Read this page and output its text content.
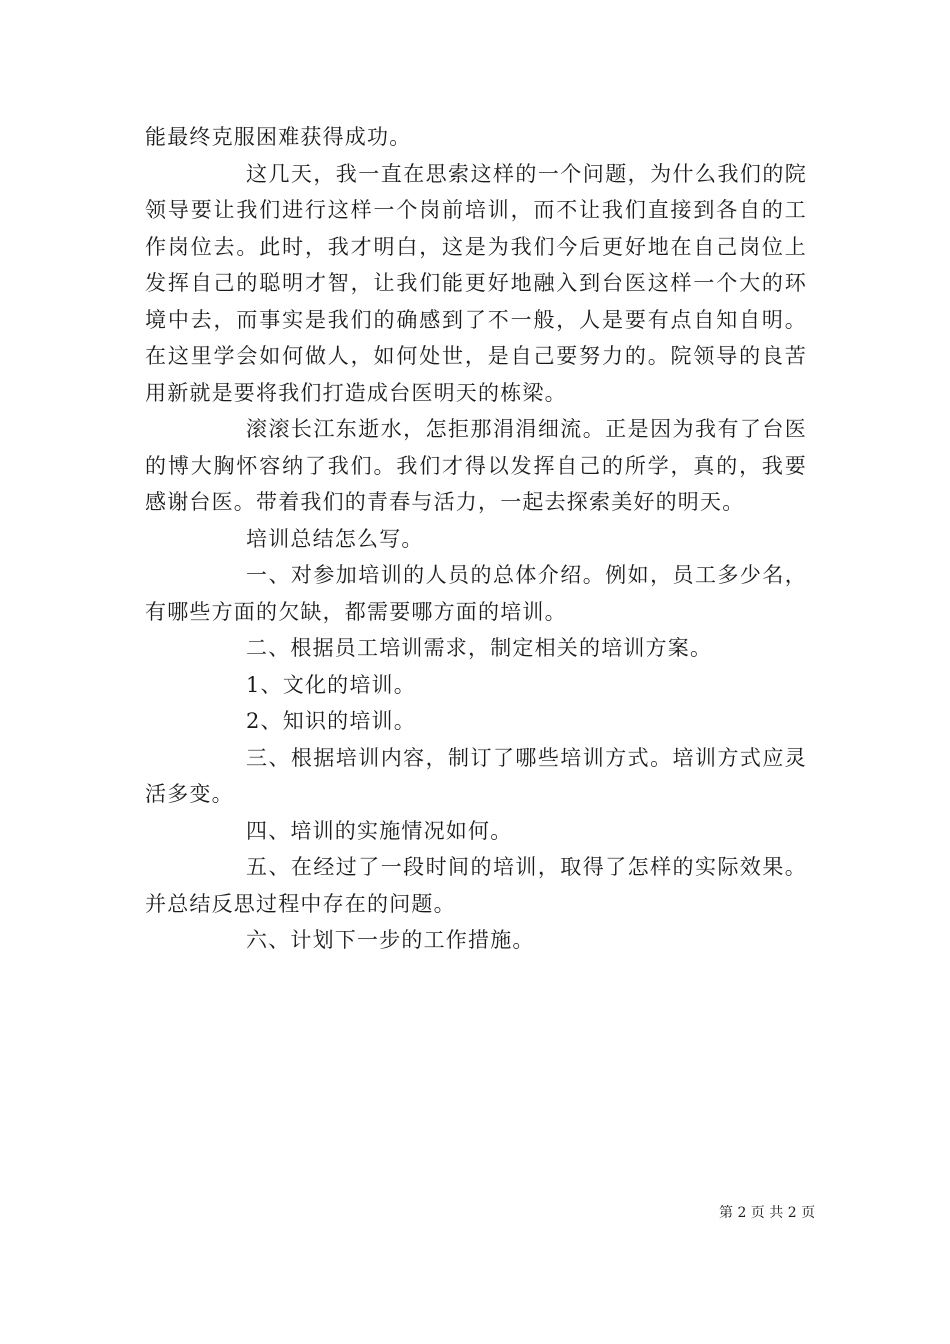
能最终克服困难获得成功。

这几天，我一直在思索这样的一个问题，为什么我们的院领导要让我们进行这样一个岗前培训，而不让我们直接到各自的工作岗位去。此时，我才明白，这是为我们今后更好地在自己岗位上发挥自己的聪明才智，让我们能更好地融入到台医这样一个大的环境中去，而事实是我们的确感到了不一般，人是要有点自知自明。在这里学会如何做人，如何处世，是自己要努力的。院领导的良苦用新就是要将我们打造成台医明天的栋梁。

滚滚长江东逝水，怎拒那涓涓细流。正是因为我有了台医的博大胸怀容纳了我们。我们才得以发挥自己的所学，真的，我要感谢台医。带着我们的青春与活力，一起去探索美好的明天。

培训总结怎么写。

一、对参加培训的人员的总体介绍。例如，员工多少名，有哪些方面的欠缺，都需要哪方面的培训。

二、根据员工培训需求，制定相关的培训方案。

1、文化的培训。

2、知识的培训。

三、根据培训内容，制订了哪些培训方式。培训方式应灵活多变。

四、培训的实施情况如何。

五、在经过了一段时间的培训，取得了怎样的实际效果。并总结反思过程中存在的问题。

六、计划下一步的工作措施。

第 2 页 共 2 页
